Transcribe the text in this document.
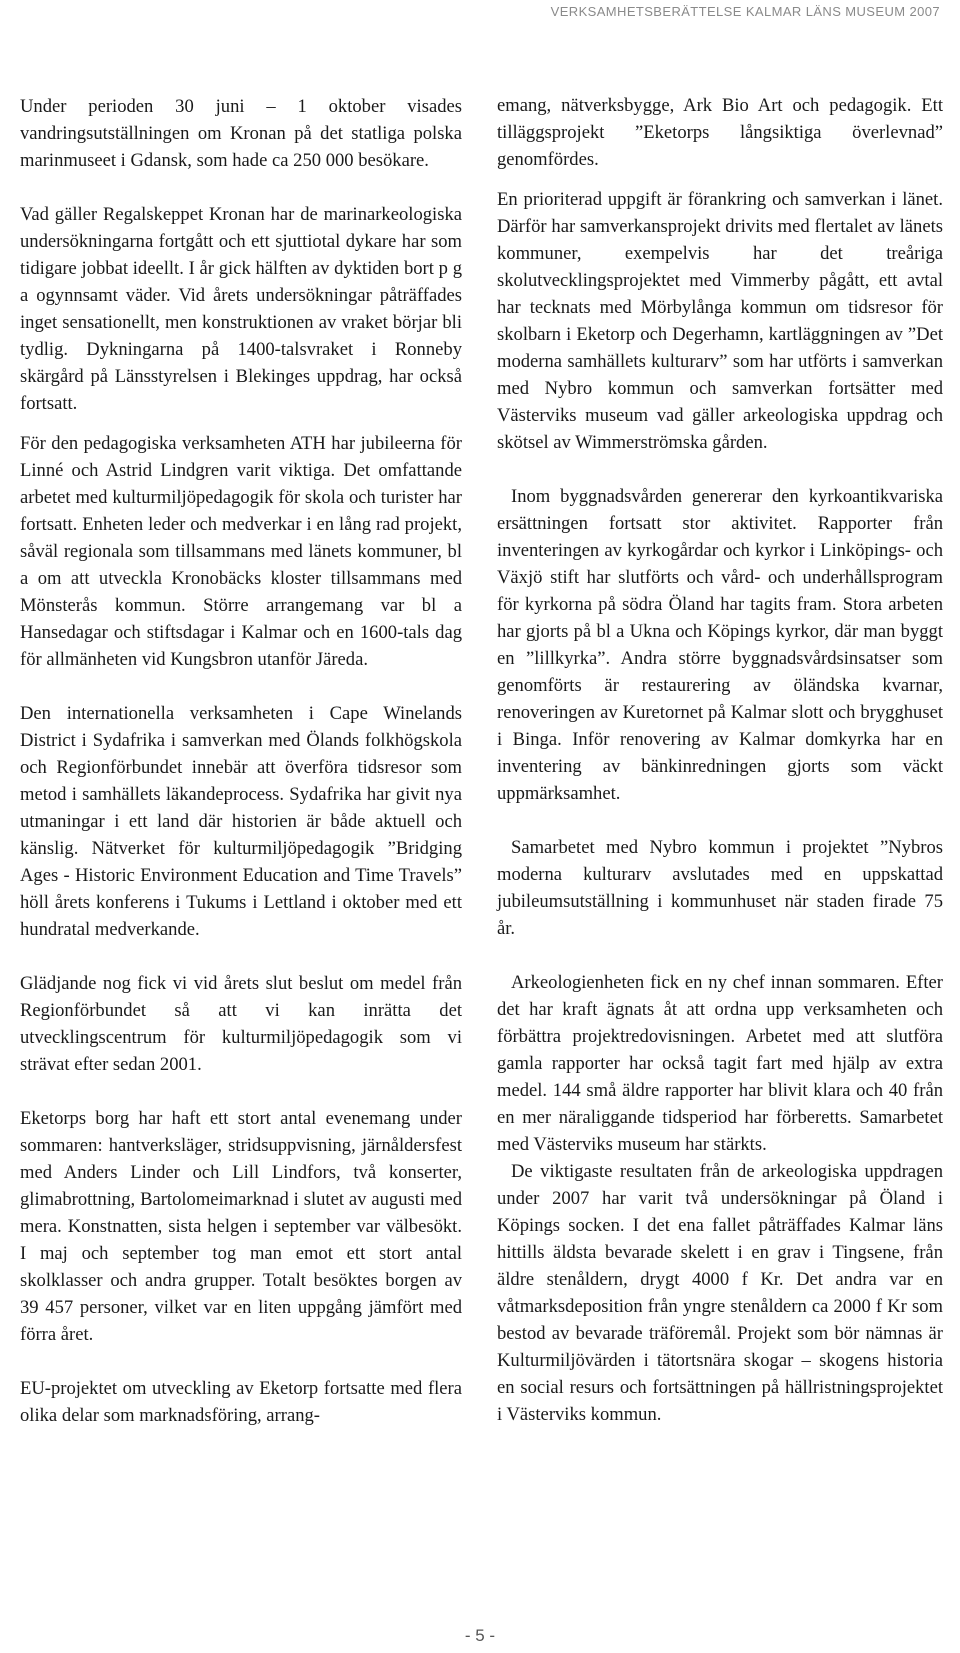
VERKSAMHETSBERÄTTELSE KALMAR LÄNS MUSEUM 2007

Under perioden 30 juni – 1 oktober visades vandringsutställningen om Kronan på det statliga polska marinmuseet i Gdansk, som hade ca 250 000 besökare.

Vad gäller Regalskeppet Kronan har de marinarkeologiska undersökningarna fortgått och ett sjuttiotal dykare har som tidigare jobbat ideellt. I år gick hälften av dyktiden bort p g a ogynnsamt väder. Vid årets undersökningar påträffades inget sensationellt, men konstruktionen av vraket börjar bli tydlig. Dykningarna på 1400-talsvraket i Ronneby skärgård på Länsstyrelsen i Blekinges uppdrag, har också fortsatt.

För den pedagogiska verksamheten ATH har jubileerna för Linné och Astrid Lindgren varit viktiga. Det omfattande arbetet med kulturmiljöpedagogik för skola och turister har fortsatt. Enheten leder och medverkar i en lång rad projekt, såväl regionala som tillsammans med länets kommuner, bl a om att utveckla Kronobäcks kloster tillsammans med Mönsterås kommun. Större arrangemang var bl a Hansedagar och stiftsdagar i Kalmar och en 1600-tals dag för allmänheten vid Kungsbron utanför Järeda.

Den internationella verksamheten i Cape Winelands District i Sydafrika i samverkan med Ölands folkhögskola och Regionförbundet innebär att överföra tidsresor som metod i samhällets läkandeprocess. Sydafrika har givit nya utmaningar i ett land där historien är både aktuell och känslig. Nätverket för kulturmiljöpedagogik ”Bridging Ages - Historic Environment Education and Time Travels” höll årets konferens i Tukums i Lettland i oktober med ett hundratal medverkande.

Glädjande nog fick vi vid årets slut beslut om medel från Regionförbundet så att vi kan inrätta det utvecklingscentrum för kulturmiljöpedagogik som vi strävat efter sedan 2001.

Eketorps borg har haft ett stort antal evenemang under sommaren: hantverksläger, stridsuppvisning, järnåldersfest med Anders Linder och Lill Lindfors, två konserter, glimabrottning, Bartolomeimarknad i slutet av augusti med mera. Konstnatten, sista helgen i september var välbesökt. I maj och september tog man emot ett stort antal skolklasser och andra grupper. Totalt besöktes borgen av 39 457 personer, vilket var en liten uppgång jämfört med förra året.

EU-projektet om utveckling av Eketorp fortsatte med flera olika delar som marknadsföring, arrang-

emang, nätverksbygge, Ark Bio Art och pedagogik. Ett tilläggsprojekt ”Eketorps långsiktiga överlevnad” genomfördes.

En prioriterad uppgift är förankring och samverkan i länet. Därför har samverkansprojekt drivits med flertalet av länets kommuner, exempelvis har det treåriga skolutvecklingsprojektet med Vimmerby pågått, ett avtal har tecknats med Mörbylånga kommun om tidsresor för skolbarn i Eketorp och Degerhamn, kartläggningen av ”Det moderna samhällets kulturarv” som har utförts i samverkan med Nybro kommun och samverkan fortsätter med Västerviks museum vad gäller arkeologiska uppdrag och skötsel av Wimmerströmska gården.

Inom byggnadsvården genererar den kyrkoantikvariska ersättningen fortsatt stor aktivitet. Rapporter från inventeringen av kyrkogårdar och kyrkor i Linköpings- och Växjö stift har slutförts och vård- och underhållsprogram för kyrkorna på södra Öland har tagits fram. Stora arbeten har gjorts på bl a Ukna och Köpings kyrkor, där man byggt en ”lillkyrka”. Andra större byggnadsvårdsinsatser som genomförts är restaurering av öländska kvarnar, renoveringen av Kuretornet på Kalmar slott och brygghuset i Binga. Inför renovering av Kalmar domkyrka har en inventering av bänkinredningen gjorts som väckt uppmärksamhet.

Samarbetet med Nybro kommun i projektet ”Nybros moderna kulturarv avslutades med en uppskattad jubileumsutställning i kommunhuset när staden firade 75 år.

Arkeologienheten fick en ny chef innan sommaren. Efter det har kraft ägnats åt att ordna upp verksamheten och förbättra projektredovisningen. Arbetet med att slutföra gamla rapporter har också tagit fart med hjälp av extra medel. 144 små äldre rapporter har blivit klara och 40 från en mer näraliggande tidsperiod har förberetts. Samarbetet med Västerviks museum har stärkts.

De viktigaste resultaten från de arkeologiska uppdragen under 2007 har varit två undersökningar på Öland i Köpings socken. I det ena fallet påträffades Kalmar läns hittills äldsta bevarade skelett i en grav i Tingsene, från äldre stenåldern, drygt 4000 f Kr. Det andra var en våtmarksdeposition från yngre stenåldern ca 2000 f Kr som bestod av bevarade träföremål. Projekt som bör nämnas är Kulturmiljövärden i tätortsnära skogar – skogens historia en social resurs och fortsättningen på hällristningsprojektet i Västerviks kommun.

- 5 -
